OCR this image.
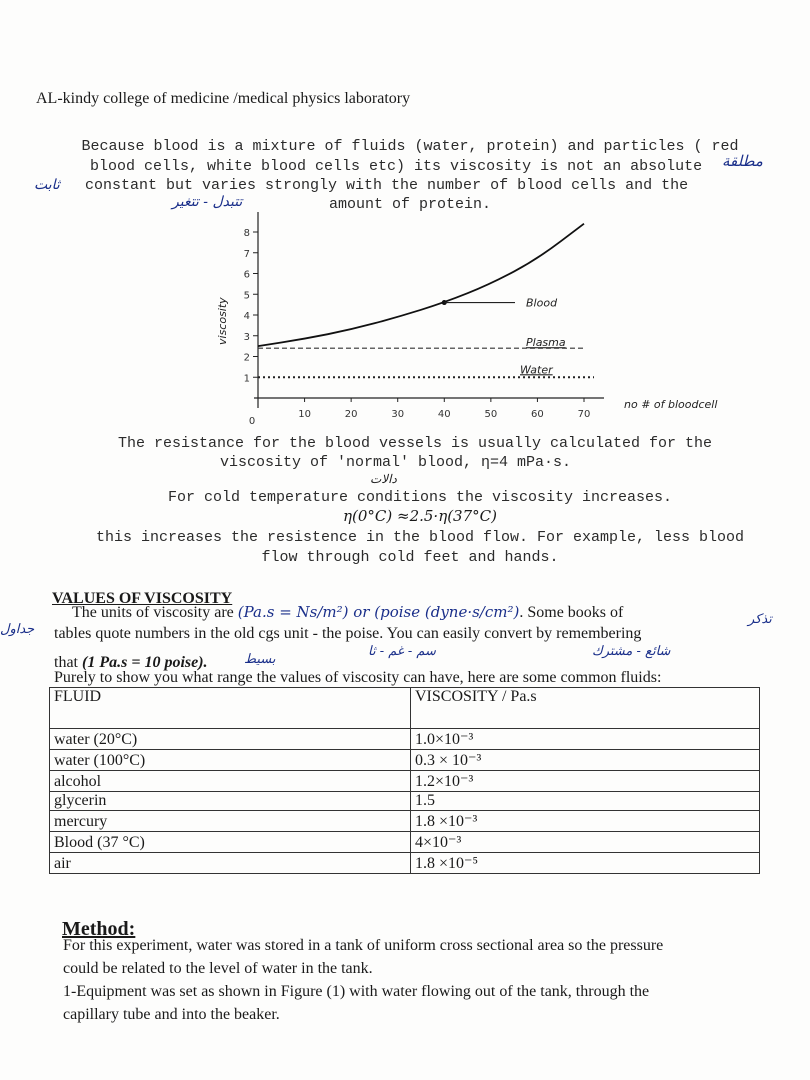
AL-kindy college of medicine /medical physics laboratory
Because blood is a mixture of fluids (water, protein) and particles ( red
blood cells, white blood cells etc) its viscosity is not an absolute	مطلقة
ثابت constant but varies strongly with the number of blood cells and the
تتبدل - تتغير	amount of protein.
1
2
3
4
5
6
7
8
10	20	30	40	50	60	70
0
viscosity
no # of bloodcell
Blood
Plasma
Water
The resistance for the blood vessels is usually calculated for the
viscosity of 'normal' blood, η=4 mPa·s.
دالات
For cold temperature conditions the viscosity increases.
η(0°C) ≈2.5·η(37°C)
this increases the resistence in the blood flow. For example, less blood
flow through cold feet and hands.
VALUES OF VISCOSITY
The units of viscosity are (Pa.s = Ns/m²) or (poise (dyne·s/cm²). Some books of
جداول
تذكر
tables quote numbers in the old cgs unit - the poise. You can easily convert by remembering
that (1 Pa.s = 10 poise).	بسيط
سم - غم - ثا	شائع - مشترك
Purely to show you what range the values of viscosity can have, here are some common fluids:
FLUID	VISCOSITY / Pa.s
water (20°C)	1.0×10⁻³
water (100°C)	0.3 × 10⁻³
alcohol	1.2×10⁻³
glycerin	1.5
mercury	1.8 ×10⁻³
Blood (37 °C)	4×10⁻³
air	1.8 ×10⁻⁵
Method:
For this experiment, water was stored in a tank of uniform cross sectional area so the pressure
could be related to the level of water in the tank.
1-Equipment was set as shown in Figure (1) with water flowing out of the tank, through the
capillary tube and into the beaker.
